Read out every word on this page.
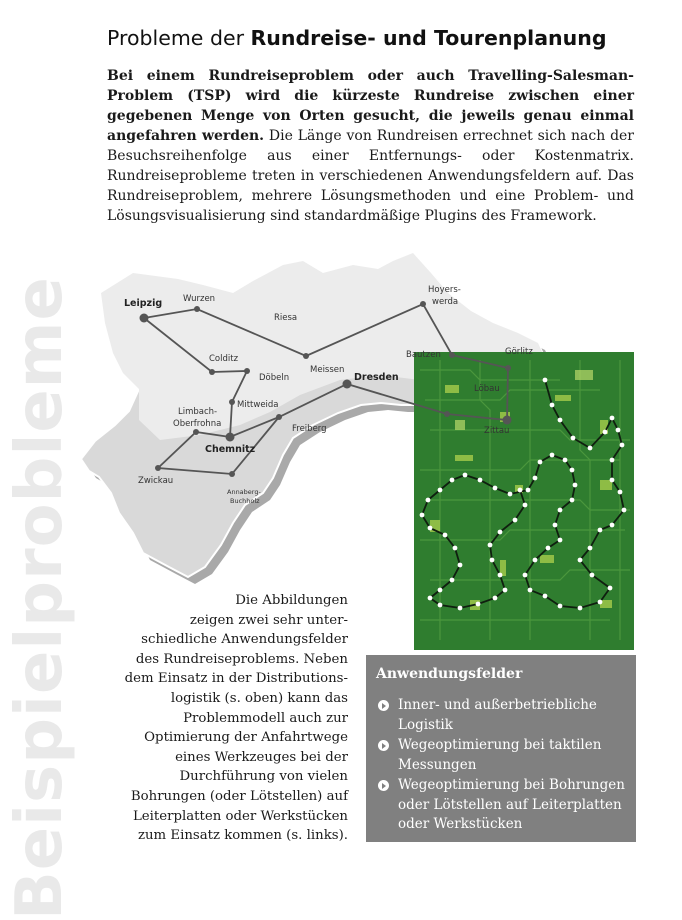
Beispielprobleme
Probleme der Rundreise- und Tourenplanung

Bei einem Rundreiseproblem oder auch Travelling-Salesman-Problem (TSP) wird die kürzeste Rundreise zwischen einer gegebenen Menge von Orten gesucht, die jeweils genau einmal angefahren werden. Die Länge von Rundreisen errechnet sich nach der Besuchsreihenfolge aus einer Entfernungs- oder Kostenmatrix. Rundreiseprobleme treten in verschiedenen Anwendungsfeldern auf. Das Rundreiseproblem, mehrere Lösungsmethoden und eine Problem- und Lösungsvisualisierung sind standardmäßige Plugins des Framework.

Leipzig Wurzen
Riesa
Hoyers-
werda
Colditz
Döbeln
Meissen
Dresden
Bautzen	Görlitz
Löbau
Mittweida
Limbach-
Oberfrohna	Freiberg	Zittau
Chemnitz
Zwickau
Annaberg-
Buchholz

Die Abbildungen
zeigen zwei sehr unter-
schiedliche Anwendungsfelder
des Rundreiseproblems. Neben
dem Einsatz in der Distributions-
logistik (s. oben) kann das
Problemmodell auch zur
Optimierung der Anfahrtwege
eines Werkzeuges bei der
Durchführung von vielen
Bohrungen (oder Lötstellen) auf
Leiterplatten oder Werkstücken
zum Einsatz kommen (s. links).

Anwendungsfelder
Inner- und außerbetriebliche Logistik
Wegeoptimierung bei taktilen Messungen
Wegeoptimierung bei Bohrungen oder Lötstellen auf Leiterplatten oder Werkstücken
